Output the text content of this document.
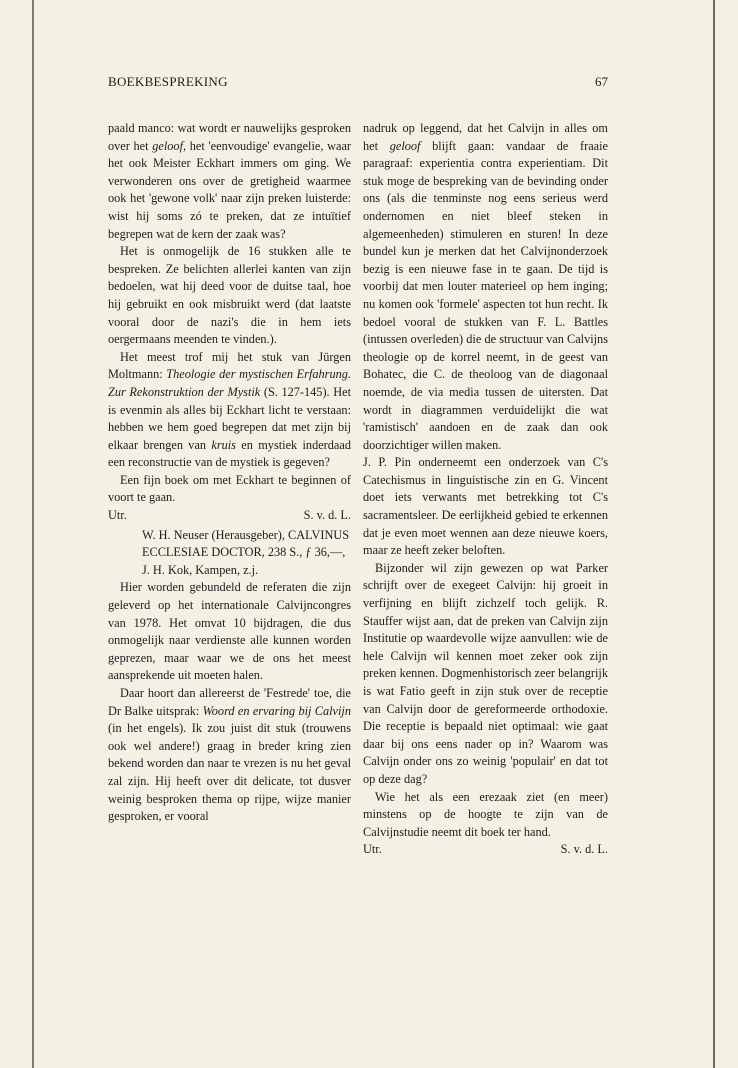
BOEKBESPREKING	67

paald manco: wat wordt er nauwelijks gesproken over het geloof, het 'eenvoudige' evangelie, waar het ook Meister Eckhart immers om ging. We verwonderen ons over de gretigheid waarmee ook het 'gewone volk' naar zijn preken luisterde: wist hij soms zó te preken, dat ze intuïtief begrepen wat de kern der zaak was?

Het is onmogelijk de 16 stukken alle te bespreken. Ze belichten allerlei kanten van zijn bedoelen, wat hij deed voor de duitse taal, hoe hij gebruikt en ook misbruikt werd (dat laatste vooral door de nazi's die in hem iets oergermaans meenden te vinden.).

Het meest trof mij het stuk van Jürgen Moltmann: Theologie der mystischen Erfahrung. Zur Rekonstruktion der Mystik (S. 127-145). Het is evenmin als alles bij Eckhart licht te verstaan: hebben we hem goed begrepen dat met zijn bij elkaar brengen van kruis en mystiek inderdaad een reconstructie van de mystiek is gegeven?

Een fijn boek om met Eckhart te beginnen of voort te gaan.

Utr.	S. v. d. L.

W. H. Neuser (Herausgeber), CALVINUS ECCLESIAE DOCTOR, 238 S., ƒ 36,—, J. H. Kok, Kampen, z.j.

Hier worden gebundeld de referaten die zijn geleverd op het internationale Calvijncongres van 1978. Het omvat 10 bijdragen, die dus onmogelijk naar verdienste alle kunnen worden geprezen, maar waar we de ons het meest aansprekende uit moeten halen.

Daar hoort dan allereerst de 'Festrede' toe, die Dr Balke uitsprak: Woord en ervaring bij Calvijn (in het engels). Ik zou juist dit stuk (trouwens ook wel andere!) graag in breder kring zien bekend worden dan naar te vrezen is nu het geval zal zijn. Hij heeft over dit delicate, tot dusver weinig besproken thema op rijpe, wijze manier gesproken, er vooral

nadruk op leggend, dat het Calvijn in alles om het geloof blijft gaan: vandaar de fraaie paragraaf: experientia contra experientiam. Dit stuk moge de bespreking van de bevinding onder ons (als die tenminste nog eens serieus werd ondernomen en niet bleef steken in algemeenheden) stimuleren en sturen! In deze bundel kun je merken dat het Calvijnonderzoek bezig is een nieuwe fase in te gaan. De tijd is voorbij dat men louter materieel op hem inging; nu komen ook 'formele' aspecten tot hun recht. Ik bedoel vooral de stukken van F. L. Battles (intussen overleden) die de structuur van Calvijns theologie op de korrel neemt, in de geest van Bohatec, die C. de theoloog van de diagonaal noemde, de via media tussen de uitersten. Dat wordt in diagrammen verduidelijkt die wat 'ramistisch' aandoen en de zaak dan ook doorzichtiger willen maken.

J. P. Pin onderneemt een onderzoek van C's Catechismus in linguistische zin en G. Vincent doet iets verwants met betrekking tot C's sacramentsleer. De eerlijkheid gebied te erkennen dat je even moet wennen aan deze nieuwe koers, maar ze heeft zeker beloften.

Bijzonder wil zijn gewezen op wat Parker schrijft over de exegeet Calvijn: hij groeit in verfijning en blijft zichzelf toch gelijk. R. Stauffer wijst aan, dat de preken van Calvijn zijn Institutie op waardevolle wijze aanvullen: wie de hele Calvijn wil kennen moet zeker ook zijn preken kennen. Dogmenhistorisch zeer belangrijk is wat Fatio geeft in zijn stuk over de receptie van Calvijn door de gereformeerde orthodoxie. Die receptie is bepaald niet optimaal: wie gaat daar bij ons eens nader op in? Waarom was Calvijn onder ons zo weinig 'populair' en dat tot op deze dag?

Wie het als een erezaak ziet (en meer) minstens op de hoogte te zijn van de Calvijnstudie neemt dit boek ter hand.

Utr.	S. v. d. L.
